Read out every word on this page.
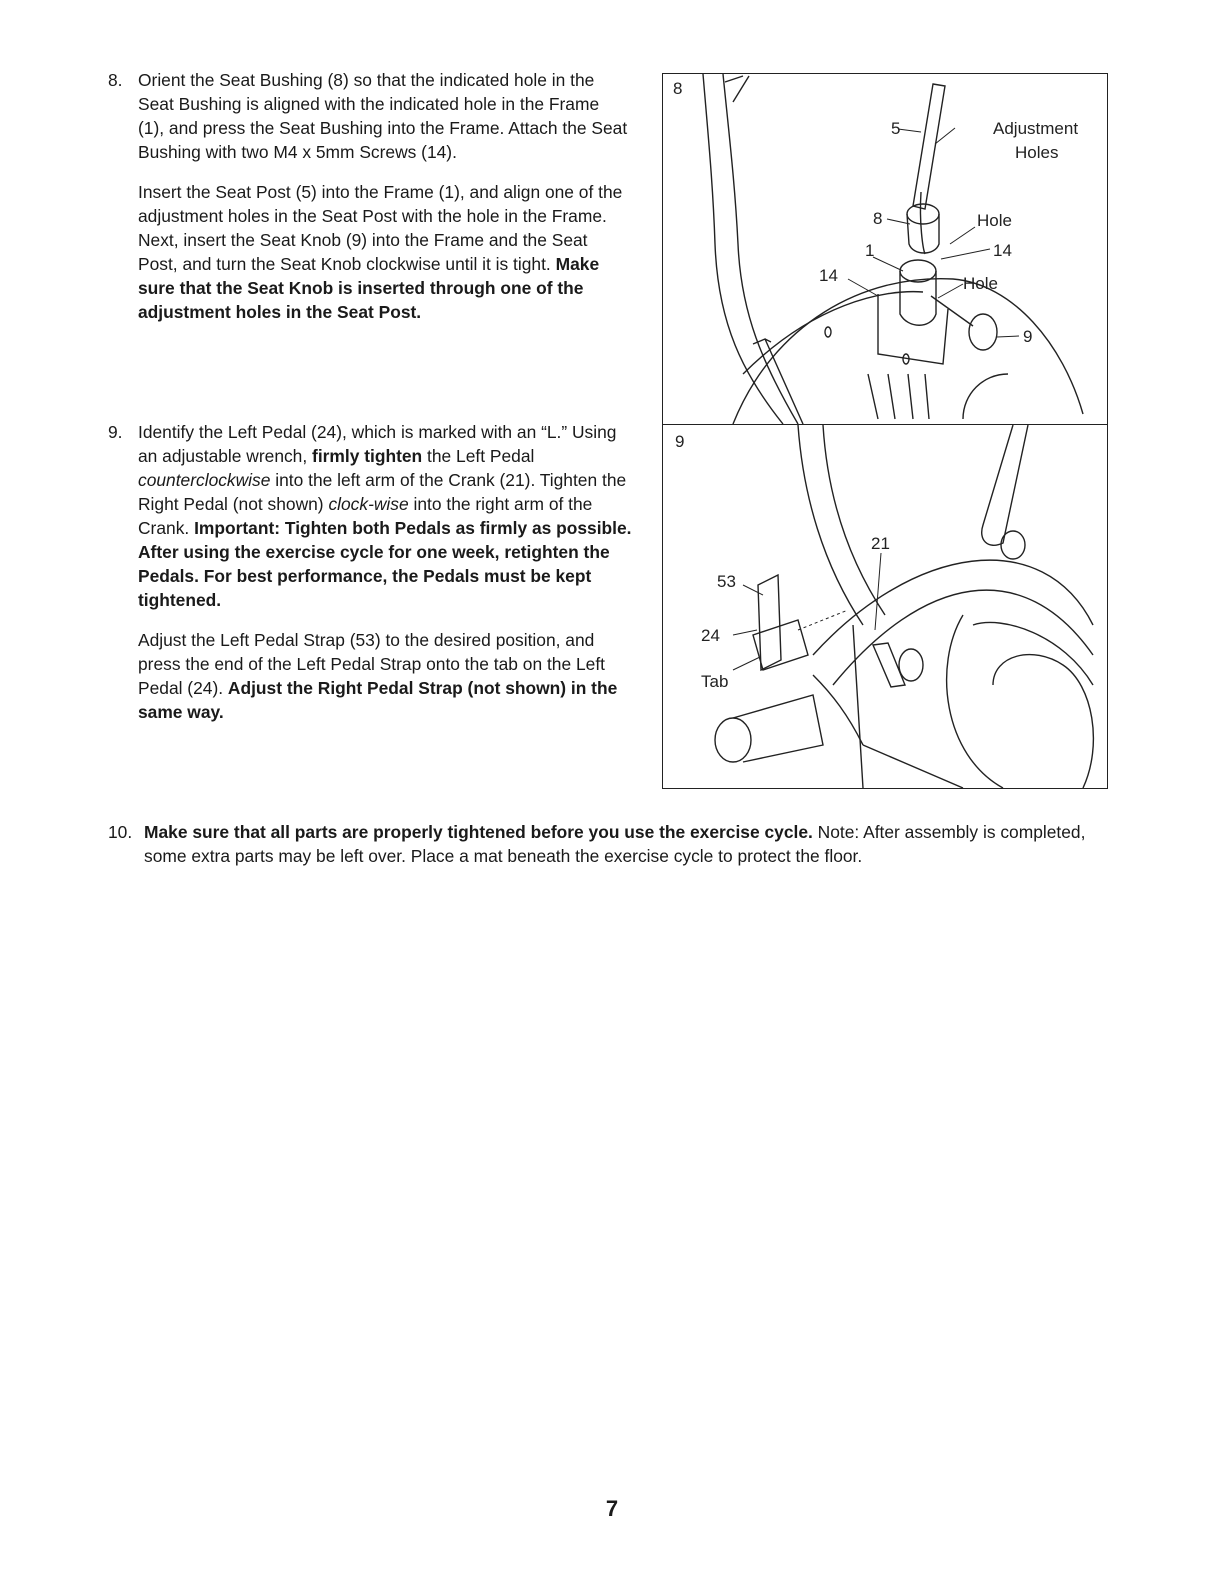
8. Orient the Seat Bushing (8) so that the indicated hole in the Seat Bushing is aligned with the indicated hole in the Frame (1), and press the Seat Bushing into the Frame. Attach the Seat Bushing with two M4 x 5mm Screws (14).

Insert the Seat Post (5) into the Frame (1), and align one of the adjustment holes in the Seat Post with the hole in the Frame. Next, insert the Seat Knob (9) into the Frame and the Seat Post, and turn the Seat Knob clockwise until it is tight. Make sure that the Seat Knob is inserted through one of the adjustment holes in the Seat Post.

9. Identify the Left Pedal (24), which is marked with an “L.” Using an adjustable wrench, firmly tighten the Left Pedal counterclockwise into the left arm of the Crank (21). Tighten the Right Pedal (not shown) clock-wise into the right arm of the Crank. Important: Tighten both Pedals as firmly as possible. After using the exercise cycle for one week, retighten the Pedals. For best performance, the Pedals must be kept tightened.

Adjust the Left Pedal Strap (53) to the desired position, and press the end of the Left Pedal Strap onto the tab on the Left Pedal (24). Adjust the Right Pedal Strap (not shown) in the same way.

8
5	Adjustment
Holes
8	Hole
1	14
14	Hole
9
9
21
53
24
Tab
10. Make sure that all parts are properly tightened before you use the exercise cycle. Note: After assembly is completed, some extra parts may be left over. Place a mat beneath the exercise cycle to protect the floor.
7
